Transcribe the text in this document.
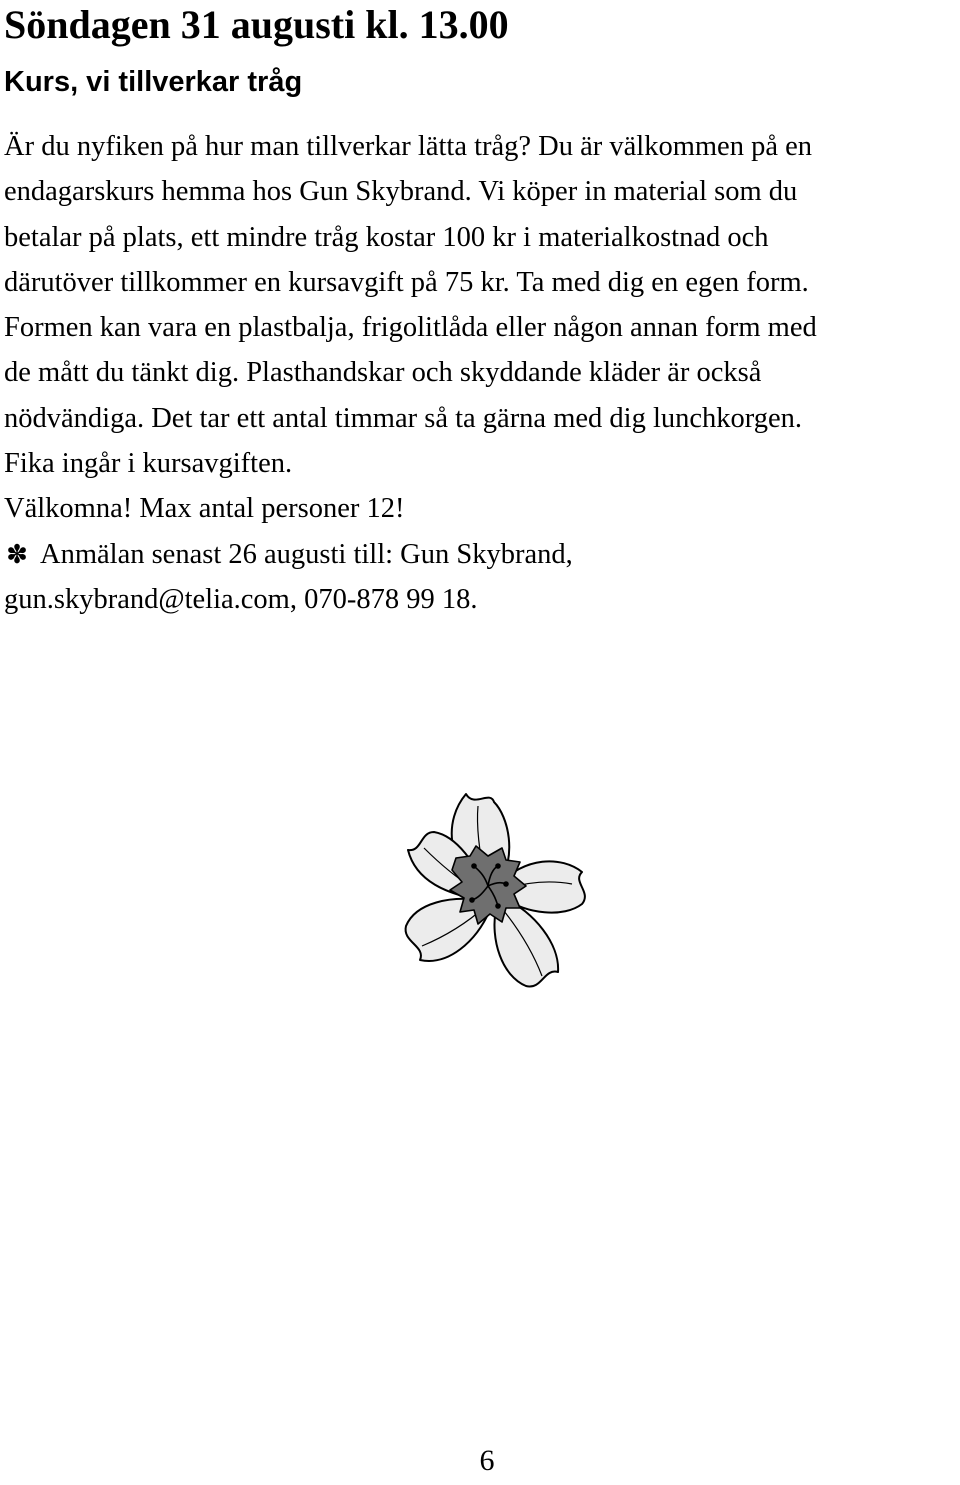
Söndagen 31 augusti kl. 13.00
Kurs, vi tillverkar tråg
Är du nyfiken på hur man tillverkar lätta tråg? Du är välkommen på en
endagarskurs hemma hos Gun Skybrand. Vi köper in material som du
betalar på plats, ett mindre tråg kostar 100 kr i materialkostnad och
därutöver tillkommer en kursavgift på 75 kr. Ta med dig en egen form.
Formen kan vara en plastbalja, frigolitlåda eller någon annan form med
de mått du tänkt dig. Plasthandskar och skyddande kläder är också
nödvändiga. Det tar ett antal timmar så ta gärna med dig lunchkorgen.
Fika ingår i kursavgiften.
Välkomna! Max antal personer 12!
✽ Anmälan senast 26 augusti till: Gun Skybrand,
gun.skybrand@telia.com, 070-878 99 18.
6
